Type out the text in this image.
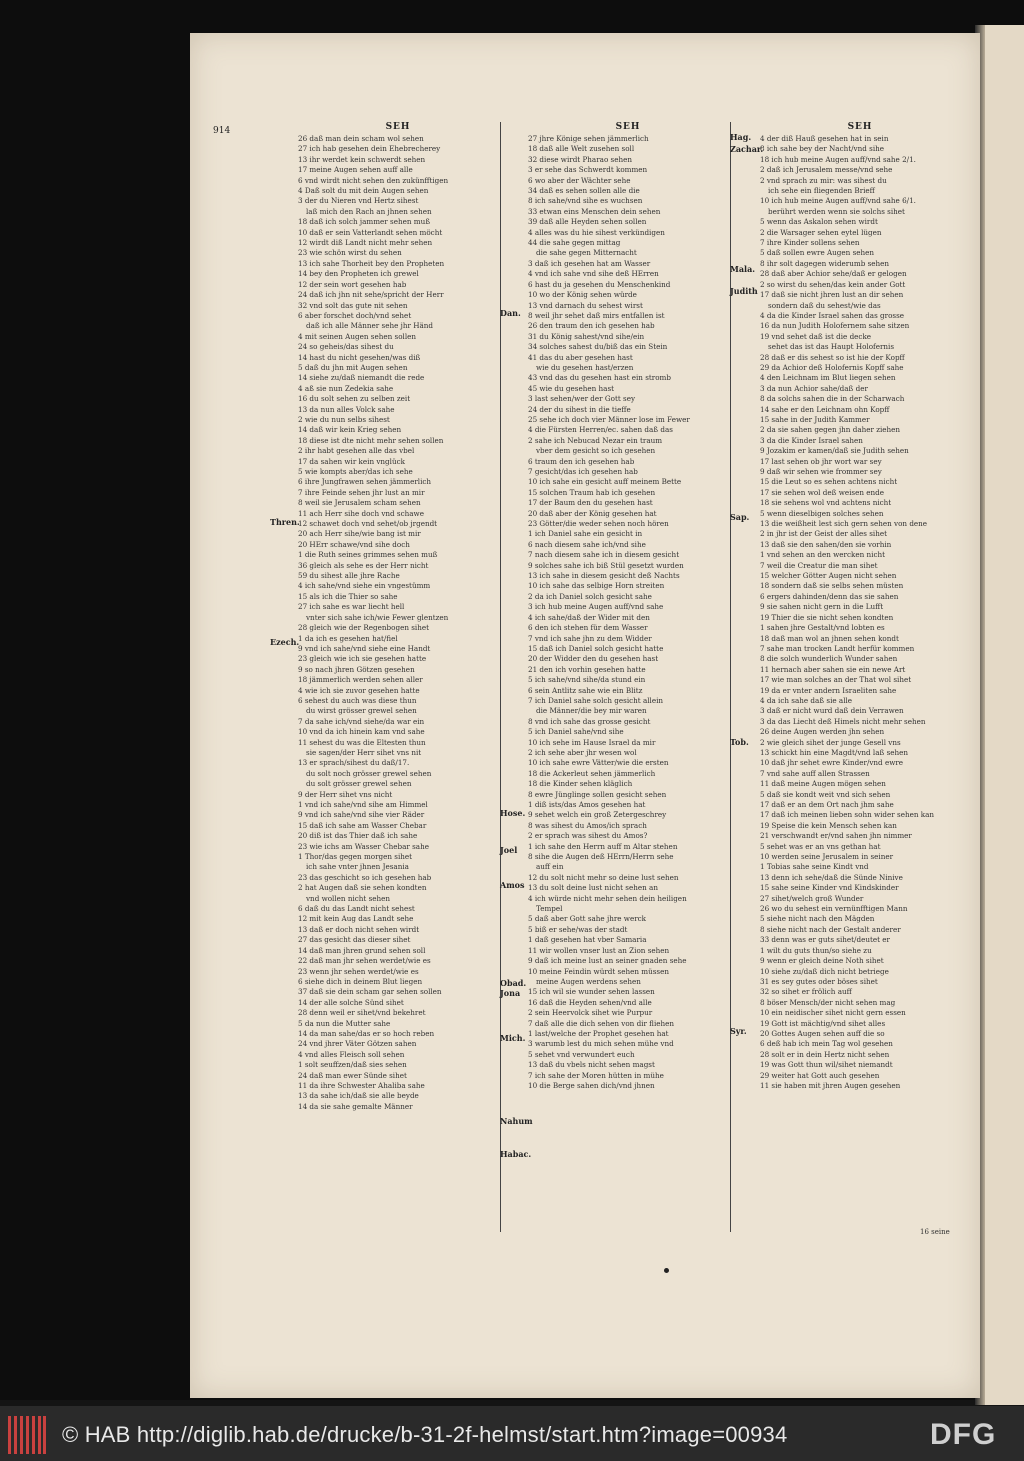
914	SEH
26 daß man dein scham wol sehen
27 ich hab gesehen dein Ehebrecherey
13 ihr werdet kein schwerdt sehen
17 meine Augen sehen auff alle
6 vnd wirdt nicht sehen den zukünfftigen
4 Daß solt du mit dein Augen sehen
3 der du Nieren vnd Hertz sihest
laß mich den Rach an jhnen sehen
18 daß ich solch jammer sehen muß
10 daß er sein Vatterlandt sehen möcht
12 wirdt diß Landt nicht mehr sehen
23 wie schön wirst du sehen
13 ich sahe Thorheit bey den Propheten
14 bey den Propheten ich grewel
12 der sein wort gesehen hab
24 daß ich jhn nit sehe/spricht der Herr
32 vnd solt das gute nit sehen
6 aber forschet doch/vnd sehet
daß ich alle Männer sehe jhr Händ
4 mit seinen Augen sehen sollen
24 so geheis/das sihest du
14 hast du nicht gesehen/was diß
5 daß du jhn mit Augen sehen
14 siehe zu/daß niemandt die rede
4 aß sie nun Zedekia sahe
16 du solt sehen zu selben zeit
13 da nun alles Volck sahe
2 wie du nun selbs sihest
14 daß wir kein Krieg sehen
18 diese ist dte nicht mehr sehen sollen
2 ihr habt gesehen alle das vbel
17 da sahen wir kein vnglück
5 wie kompts aber/das ich sehe
6 ihre Jungfrawen sehen jämmerlich
7 ihre Feinde sehen jhr lust an mir
8 weil sie Jerusalem scham sehen
11 ach Herr sihe doch vnd schawe
12 schawet doch vnd sehet/ob jrgendt
20 ach Herr sihe/wie bang ist mir
20 HErr schawe/vnd sihe doch
1 die Ruth seines grimmes sehen muß
36 gleich als sehe es der Herr nicht
59 du sihest alle jhre Rache
4 ich sahe/vnd siehe ein vngestümm
15 als ich die Thier so sahe
27 ich sahe es war liecht hell
vnter sich sahe ich/wie Fewer glentzen
28 gleich wie der Regenbogen sihet
1 da ich es gesehen hat/fiel
9 vnd ich sahe/vnd siehe eine Handt
23 gleich wie ich sie gesehen hatte
9 so nach jhren Götzen gesehen
18 jämmerlich werden sehen aller
4 wie ich sie zuvor gesehen hatte
6 sehest du auch was diese thun
du wirst grösser grewel sehen
7 da sahe ich/vnd siehe/da war ein
10 vnd da ich hinein kam vnd sahe
11 sehest du was die Eltesten thun
sie sagen/der Herr sihet vns nit
13 er sprach/sihest du daß/17.
du solt noch grösser grewel sehen
du solt grösser grewel sehen
9 der Herr sihet vns nicht
1 vnd ich sahe/vnd sihe am Himmel
9 vnd ich sahe/vnd sihe vier Räder
15 daß ich sahe am Wasser Chebar
20 diß ist das Thier daß ich sahe
23 wie ichs am Wasser Chebar sahe
1 Thor/das gegen morgen sihet
ich sahe vnter jhnen Jesania
23 das geschicht so ich gesehen hab
2 hat Augen daß sie sehen kondten
vnd wollen nicht sehen
6 daß du das Landt nicht sehest
12 mit kein Aug das Landt sehe
13 daß er doch nicht sehen wirdt
27 das gesicht das dieser sihet
14 daß man jhren grund sehen soll
22 daß man jhr sehen werdet/wie es
23 wenn jhr sehen werdet/wie es
6 siehe dich in deinem Blut liegen
37 daß sie dein scham gar sehen sollen
14 der alle solche Sünd sihet
28 denn weil er sihet/vnd bekehret
5 da nun die Mutter sahe
14 da man sahe/das er so hoch reben
24 vnd jhrer Väter Götzen sahen
4 vnd alles Fleisch soll sehen
1 solt seuffzen/daß sies sehen
24 daß man ewer Sünde sihet
11 da ihre Schwester Ahaliba sahe
13 da sahe ich/daß sie alle beyde
14 da sie sahe gemalte Männer
SEH
27 jhre Könige sehen jämmerlich
18 daß alle Welt zusehen soll
32 diese wirdt Pharao sehen
3 er sehe das Schwerdt kommen
6 wo aber der Wächter sehe
34 daß es sehen sollen alle die
8 ich sahe/vnd sihe es wuchsen
33 etwan eins Menschen dein sehen
39 daß alle Heyden sehen sollen
4 alles was du hie sihest verkündigen
44 die sahe gegen mittag
die sahe gegen Mitternacht
3 daß ich gesehen hat am Wasser
4 vnd ich sahe vnd sihe deß HErren
6 hast du ja gesehen du Menschenkind
10 wo der König sehen würde
13 vnd darnach du sehest wirst
8 weil jhr sehet daß mirs entfallen ist
26 den traum den ich gesehen hab
31 du König sahest/vnd sihe/ein
34 solches sahest du/biß das ein Stein
41 das du aber gesehen hast
wie du gesehen hast/erzen
43 vnd das du gesehen hast ein stromb
45 wie du gesehen hast
3 last sehen/wer der Gott sey
24 der du sihest in die tieffe
25 sehe ich doch vier Männer lose im Fewer
4 die Fürsten Herren/ec. sahen daß das
2 sahe ich Nebucad Nezar ein traum
vber dem gesicht so ich gesehen
6 traum den ich gesehen hab
7 gesicht/das ich gesehen hab
10 ich sahe ein gesicht auff meinem Bette
15 solchen Traum hab ich gesehen
17 der Baum den du gesehen hast
20 daß aber der König gesehen hat
23 Götter/die weder sehen noch hören
1 ich Daniel sahe ein gesicht in
6 nach diesem sahe ich/vnd sihe
7 nach diesem sahe ich in diesem gesicht
9 solches sahe ich biß Stül gesetzt wurden
13 ich sahe in diesem gesicht deß Nachts
10 ich sahe das selbige Horn streiten
2 da ich Daniel solch gesicht sahe
3 ich hub meine Augen auff/vnd sahe
4 ich sahe/daß der Wider mit den
6 den ich stehen für dem Wasser
7 vnd ich sahe jhn zu dem Widder
15 daß ich Daniel solch gesicht hatte
20 der Widder den du gesehen hast
21 den ich vorhin gesehen hatte
5 ich sahe/vnd sihe/da stund ein
6 sein Antlitz sahe wie ein Blitz
7 ich Daniel sahe solch gesicht allein
die Männer/die bey mir waren
8 vnd ich sahe das grosse gesicht
5 ich Daniel sahe/vnd sihe
10 ich sehe im Hause Israel da mir
2 ich sehe aber jhr wesen wol
10 ich sahe ewre Vätter/wie die ersten
18 die Ackerleut sehen jämmerlich
18 die Kinder sehen kläglich
8 ewre Jünglinge sollen gesicht sehen
1 diß ists/das Amos gesehen hat
9 sehet welch ein groß Zetergeschrey
8 was sihest du Amos/ich sprach
2 er sprach was sihest du Amos?
1 ich sahe den Herrn auff m Altar stehen
8 sihe die Augen deß HErrn/Herrn sehe
auff ein
12 du solt nicht mehr so deine lust sehen
13 du solt deine lust nicht sehen an
4 ich würde nicht mehr sehen dein heiligen
Tempel
5 daß aber Gott sahe jhre werck
5 biß er sehe/was der stadt
1 daß gesehen hat vber Samaria
11 wir wollen vnser lust an Zion sehen
9 daß ich meine lust an seiner gnaden sehe
10 meine Feindin würdt sehen müssen
meine Augen werdens sehen
15 ich wil sie wunder sehen lassen
16 daß die Heyden sehen/vnd alle
2 sein Heervolck sihet wie Purpur
7 daß alle die dich sehen von dir fliehen
1 last/welche der Prophet gesehen hat
3 warumb lest du mich sehen mühe vnd
5 sehet vnd verwundert euch
13 daß du vbels nicht sehen magst
7 ich sahe der Moren hütten in mühe
10 die Berge sahen dich/vnd jhnen
SEH
4 der diß Hauß gesehen hat in sein
8 ich sahe bey der Nacht/vnd sihe
18 ich hub meine Augen auff/vnd sahe 2/1.
2 daß ich Jerusalem messe/vnd sehe
2 vnd sprach zu mir: was sihest du
ich sehe ein fliegenden Brieff
10 ich hub meine Augen auff/vnd sahe 6/1.
berührt werden wenn sie solchs sihet
5 wenn das Askalon sehen wirdt
2 die Warsager sehen eytel lügen
7 ihre Kinder sollens sehen
5 daß sollen ewre Augen sehen
8 ihr solt dagegen widerumb sehen
28 daß aber Achior sehe/daß er gelogen
2 so wirst du sehen/das kein ander Gott
17 daß sie nicht jhren lust an dir sehen
sondern daß du sehest/wie das
4 da die Kinder Israel sahen das grosse
16 da nun Judith Holofernem sahe sitzen
19 vnd sehet daß ist die decke
sehet das ist das Haupt Holofernis
28 daß er dis sehest so ist hie der Kopff
29 da Achior deß Holofernis Kopff sahe
4 den Leichnam im Blut liegen sehen
3 da nun Achior sahe/daß der
8 da solchs sahen die in der Scharwach
14 sahe er den Leichnam ohn Kopff
15 sahe in der Judith Kammer
2 da sie sahen gegen jhn daher ziehen
3 da die Kinder Israel sahen
9 Jozakim er kamen/daß sie Judith sehen
17 last sehen ob jhr wort war sey
9 daß wir sehen wie frommer sey
15 die Leut so es sehen achtens nicht
17 sie sehen wol deß weisen ende
18 sie sehens wol vnd achtens nicht
5 wenn dieselbigen solches sehen
13 die weißheit lest sich gern sehen von dene
2 in jhr ist der Geist der alles sihet
13 daß sie den sahen/den sie vorhin
1 vnd sehen an den wercken nicht
7 weil die Creatur die man sihet
15 welcher Götter Augen nicht sehen
18 sondern daß sie selbs sehen müsten
6 ergers dahinden/denn das sie sahen
9 sie sahen nicht gern in die Lufft
19 Thier die sie nicht sehen kondten
1 sahen jhre Gestalt/vnd lobten es
18 daß man wol an jhnen sehen kondt
7 sahe man trocken Landt herfür kommen
8 die solch wunderlich Wunder sahen
11 hernach aber sahen sie ein newe Art
17 wie man solches an der That wol sihet
19 da er vnter andern Israeliten sahe
4 da ich sahe daß sie alle
3 daß er nicht wurd daß dein Verrawen
3 da das Liecht deß Himels nicht mehr sehen
26 deine Augen werden jhn sehen
2 wie gleich sihet der junge Gesell vns
13 schickt hin eine Magdt/vnd laß sehen
10 daß jhr sehet ewre Kinder/vnd ewre
7 vnd sahe auff allen Strassen
11 daß meine Augen mögen sehen
5 daß sie kondt weit vnd sich sehen
17 daß er an dem Ort nach jhm sahe
17 daß ich meinen lieben sohn wider sehen kan
19 Speise die kein Mensch sehen kan
21 verschwandt er/vnd sahen jhn nimmer
5 sehet was er an vns gethan hat
10 werden seine Jerusalem in seiner
1 Tobias sahe seine Kindt vnd
13 denn ich sehe/daß die Sünde Ninive
15 sahe seine Kinder vnd Kindskinder
27 sihet/welch groß Wunder
26 wo du sehest ein vernünfftigen Mann
5 siehe nicht nach den Mägden
8 siehe nicht nach der Gestalt anderer
33 denn was er guts sihet/deutet er
1 wilt du guts thun/so siehe zu
9 wenn er gleich deine Noth sihet
10 siehe zu/daß dich nicht betriege
31 es sey gutes oder böses sihet
32 so sihet er frölich auff
8 böser Mensch/der nicht sehen mag
10 ein neidischer sihet nicht gern essen
19 Gott ist mächtig/vnd sihet alles
20 Gottes Augen sehen auff die so
6 deß hab ich mein Tag wol gesehen
28 solt er in dein Hertz nicht sehen
19 was Gott thun wil/sihet niemandt
29 weiter hat Gott auch gesehen
11 sie haben mit jhren Augen gesehen
Thren.
Ezech.
Dan.
Hose.
Joel
Amos
Obad.
Jona
Mich.
Nahum
Habac.
Hag.
Zachar.
Mala.
Judith
Sap.
Tob.
Syr.
16 seine
© HAB http://diglib.hab.de/drucke/b-31-2f-helmst/start.htm?image=00934	DFG
